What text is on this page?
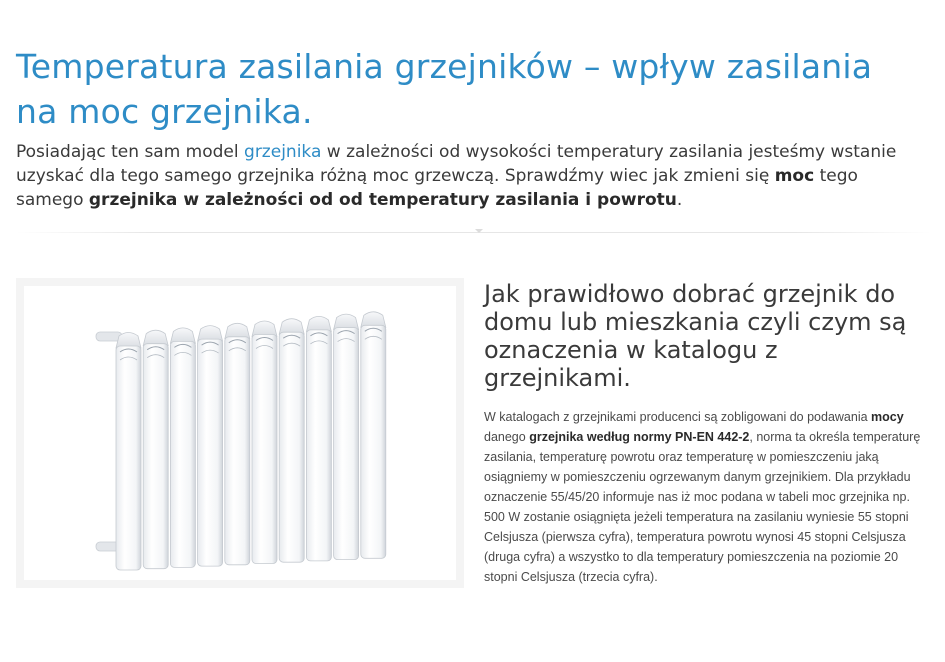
Temperatura zasilania grzejników – wpływ zasilania na moc grzejnika.

Posiadając ten sam model grzejnika w zależności od wysokości temperatury zasilania jesteśmy wstanie uzyskać dla tego samego grzejnika różną moc grzewczą. Sprawdźmy wiec jak zmieni się moc tego samego grzejnika w zależności od od temperatury zasilania i powrotu.

Jak prawidłowo dobrać grzejnik do domu lub mieszkania czyli czym są oznaczenia w katalogu z grzejnikami.

W katalogach z grzejnikami producenci są zobligowani do podawania mocy danego grzejnika według normy PN-EN 442-2, norma ta określa temperaturę zasilania, temperaturę powrotu oraz temperaturę w pomieszczeniu jaką osiągniemy w pomieszczeniu ogrzewanym danym grzejnikiem. Dla przykładu oznaczenie 55/45/20 informuje nas iż moc podana w tabeli moc grzejnika np. 500 W zostanie osiągnięta jeżeli temperatura na zasilaniu wyniesie 55 stopni Celsjusza (pierwsza cyfra), temperatura powrotu wynosi 45 stopni Celsjusza (druga cyfra) a wszystko to dla temperatury pomieszczenia na poziomie 20 stopni Celsjusza (trzecia cyfra).
